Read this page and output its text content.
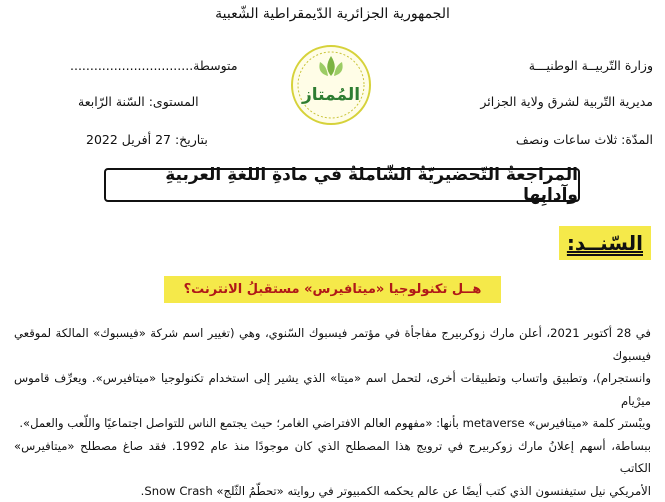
الجمهورية الجزائرية الدّيمقراطية الشّعبية
وزارة التّربيــة الوطنيـــة
مديرية التّربية لشرق ولاية الجزائر
المدّة: ثلاث ساعات ونصف
متوسطة...............................
المستوى: السّنة الرّابعة
بتاريخ: 27 أفريل 2022
المُمتاز
المراجعةُ التّحضيريّةُ الشّاملةُ في مادةِ اللغةِ العربيةِ وآدابِها
السّنــد:
هــل تكنولوجيا «ميتافيرس» مستقبلُ الانترنت؟

في 28 أكتوبر 2021، أعلن مارك زوكربيرج مفاجأة في مؤتمر فيسبوك السّنوي، وهي (تغيير اسم شركة «فيسبوك» المالكة لموقعي فيسبوك

وانستجرام)، وتطبيق واتساب وتطبيقات أخرى، لتحمل اسم «ميتا» الذي يشير إلى استخدام تكنولوجيا «ميتافيرس». ويعرِّف قاموس ميرْيام

ويبْستر كلمة «ميتافيرس» metaverse بأنها: «مفهوم العالم الافتراضي الغامر؛ حيث يجتمع الناس للتواصل اجتماعيًا واللّعب والعمل».

ببساطة، أسهم إعلانُ مارك زوكربيرج في ترويج هذا المصطلح الذي كان موجودًا منذ عام 1992. فقد صاغ مصطلح «ميتافيرس» الكاتب

الأمريكي نيل ستيفنسون الذي كتب أيضًا عن عالم يحكمه الكمبيوتر في روايته «تحطّمُ الثّلج» Snow Crash.
